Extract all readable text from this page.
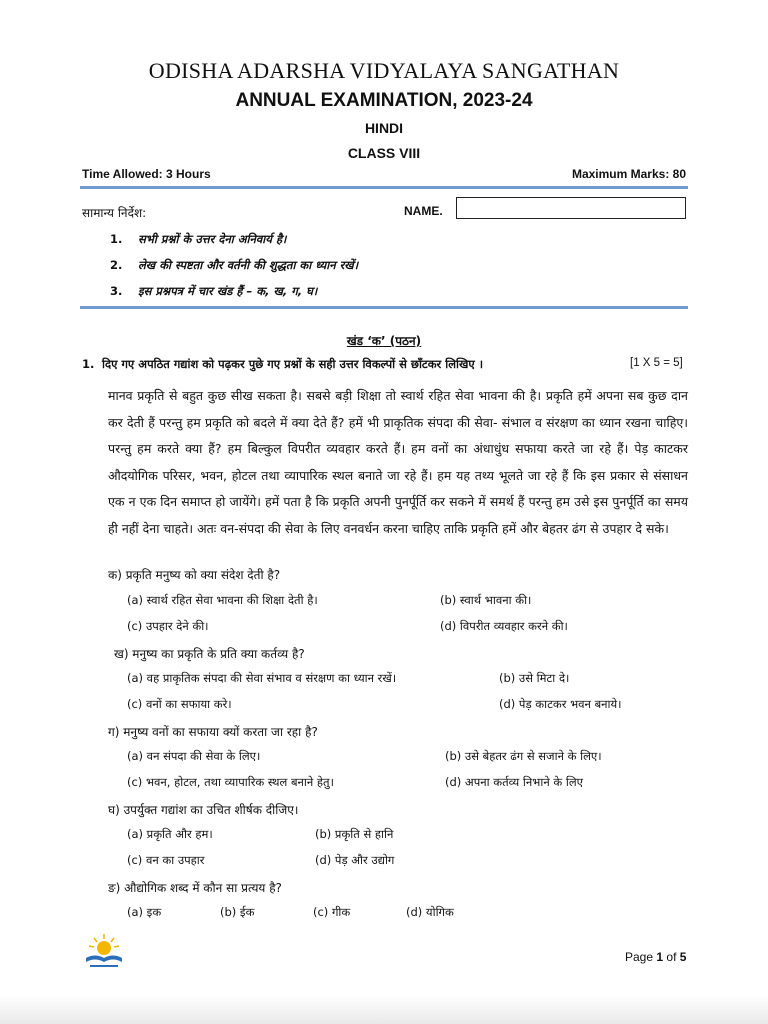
ODISHA ADARSHA VIDYALAYA SANGATHAN
ANNUAL EXAMINATION, 2023-24
HINDI
CLASS VIII
Time Allowed: 3 Hours	Maximum Marks: 80
सामान्य निर्देश:	NAME.
1. सभी प्रश्नों के उत्तर देना अनिवार्य है।
2. लेख की स्पष्टता और वर्तनी की शुद्धता का ध्यान रखें।
3. इस प्रश्नपत्र में चार खंड हैं – क, ख, ग, घ।
खंड ‘क’ (पठन)
1. दिए गए अपठित गद्यांश को पढ़कर पुछे गए प्रश्नों के सही उत्तर विकल्पों से छाँटकर लिखिए ।	[1 X 5 = 5]
मानव प्रकृति से बहुत कुछ सीख सकता है। सबसे बड़ी शिक्षा तो स्वार्थ रहित सेवा भावना की है। प्रकृति हमें अपना सब कुछ दान कर देती हैं परन्तु हम प्रकृति को बदले में क्या देते हैं? हमें भी प्राकृतिक संपदा की सेवा- संभाल व संरक्षण का ध्यान रखना चाहिए। परन्तु हम करते क्या हैं? हम बिल्कुल विपरीत व्यवहार करते हैं। हम वनों का अंधाधुंध सफाया करते जा रहे हैं। पेड़ काटकर औदयोगिक परिसर, भवन, होटल तथा व्यापारिक स्थल बनाते जा रहे हैं। हम यह तथ्य भूलते जा रहे हैं कि इस प्रकार से संसाधन एक न एक दिन समाप्त हो जायेंगे। हमें पता है कि प्रकृति अपनी पुनर्पूर्ति कर सकने में समर्थ हैं परन्तु हम उसे इस पुनर्पूर्ति का समय ही नहीं देना चाहते। अतः वन-संपदा की सेवा के लिए वनवर्धन करना चाहिए ताकि प्रकृति हमें और बेहतर ढंग से उपहार दे सके।
क) प्रकृति मनुष्य को क्या संदेश देती है?
(a) स्वार्थ रहित सेवा भावना की शिक्षा देती है।	(b) स्वार्थ भावना की।
(c) उपहार देने की।	(d) विपरीत व्यवहार करने की।
ख) मनुष्य का प्रकृति के प्रति क्या कर्तव्य है?
(a) वह प्राकृतिक संपदा की सेवा संभाव व संरक्षण का ध्यान रखें।	(b) उसे मिटा दे।
(c) वनों का सफाया करे।	(d) पेड़ काटकर भवन बनाये।
ग) मनुष्य वनों का सफाया क्यों करता जा रहा है?
(a) वन संपदा की सेवा के लिए।	(b) उसे बेहतर ढंग से सजाने के लिए।
(c) भवन, होटल, तथा व्यापारिक स्थल बनाने हेतु।	(d) अपना कर्तव्य निभाने के लिए
घ) उपर्युक्त गद्यांश का उचित शीर्षक दीजिए।
(a) प्रकृति और हम।	(b) प्रकृति से हानि
(c) वन का उपहार	(d) पेड़ और उद्योग
ङ) औद्योगिक शब्द में कौन सा प्रत्यय है?
(a) इक	(b) ईक	(c) गीक	(d) योगिक
Page 1 of 5
